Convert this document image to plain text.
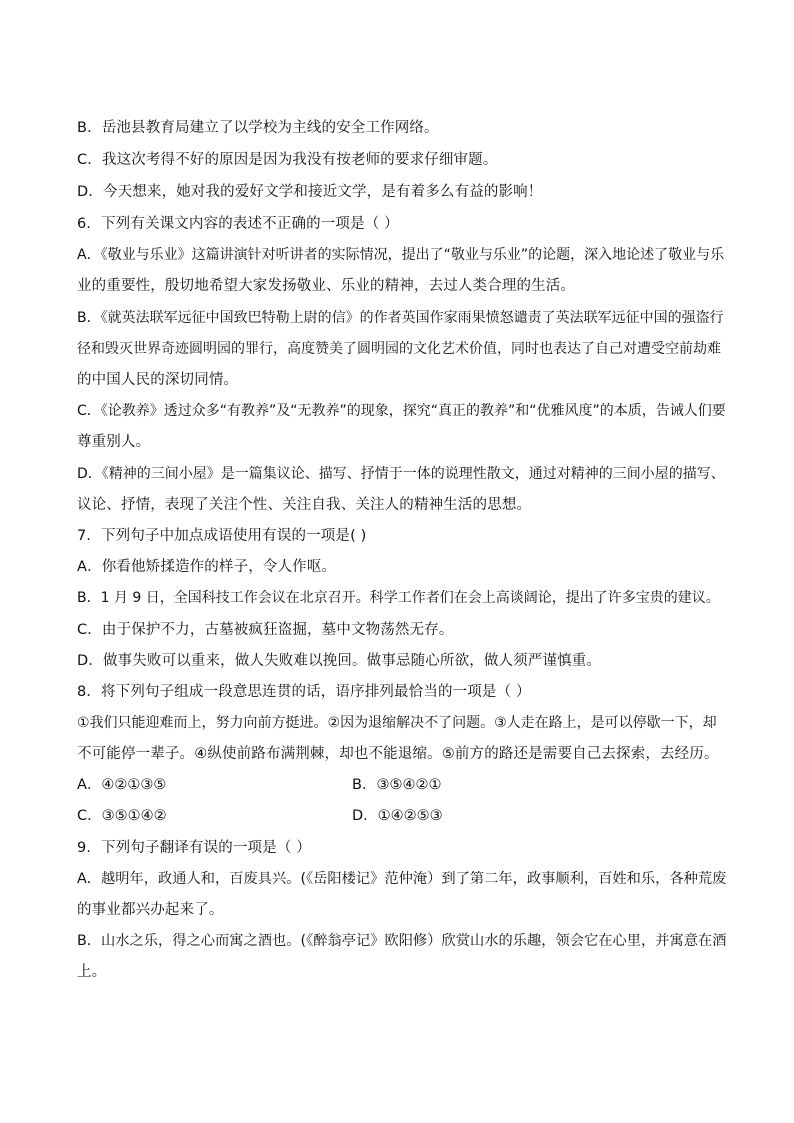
B．岳池县教育局建立了以学校为主线的安全工作网络。
C．我这次考得不好的原因是因为我没有按老师的要求仔细审题。
D．今天想来，她对我的爱好文学和接近文学，是有着多么有益的影响！
6．下列有关课文内容的表述不正确的一项是（ ）
A．《敬业与乐业》这篇讲演针对听讲者的实际情况，提出了“敬业与乐业”的论题，深入地论述了敬业与乐
业的重要性，殷切地希望大家发扬敬业、乐业的精神，去过人类合理的生活。
B．《就英法联军远征中国致巴特勒上尉的信》的作者英国作家雨果愤怒谴责了英法联军远征中国的强盗行
径和毁灭世界奇迹圆明园的罪行，高度赞美了圆明园的文化艺术价值，同时也表达了自己对遭受空前劫难
的中国人民的深切同情。
C．《论教养》透过众多“有教养”及“无教养”的现象，探究“真正的教养”和“优雅风度”的本质，告诫人们要
尊重别人。
D．《精神的三间小屋》是一篇集议论、描写、抒情于一体的说理性散文，通过对精神的三间小屋的描写、
议论、抒情，表现了关注个性、关注自我、关注人的精神生活的思想。
7．下列句子中加点成语使用有误的一项是( )
A．你看他矫揉造作的样子，令人作呕。
B．1 月 9 日，全国科技工作会议在北京召开。科学工作者们在会上高谈阔论，提出了许多宝贵的建议。
C．由于保护不力，古墓被疯狂盗掘，墓中文物荡然无存。
D．做事失败可以重来，做人失败难以挽回。做事忌随心所欲，做人须严谨慎重。
8．将下列句子组成一段意思连贯的话，语序排列最恰当的一项是（ ）
①我们只能迎难而上，努力向前方挺进。②因为退缩解决不了问题。③人走在路上，是可以停歇一下，却
不可能停一辈子。④纵使前路布满荆棘，却也不能退缩。⑤前方的路还是需要自己去探索，去经历。
A．④②①③⑤	B．③⑤④②①
C．③⑤①④②	D．①④②⑤③
9．下列句子翻译有误的一项是（ ）
A．越明年，政通人和，百废具兴。(《岳阳楼记》范仲淹）到了第二年，政事顺利，百姓和乐，各种荒废
的事业都兴办起来了。
B．山水之乐，得之心而寓之酒也。(《醉翁亭记》欧阳修）欣赏山水的乐趣，领会它在心里，并寓意在酒
上。
